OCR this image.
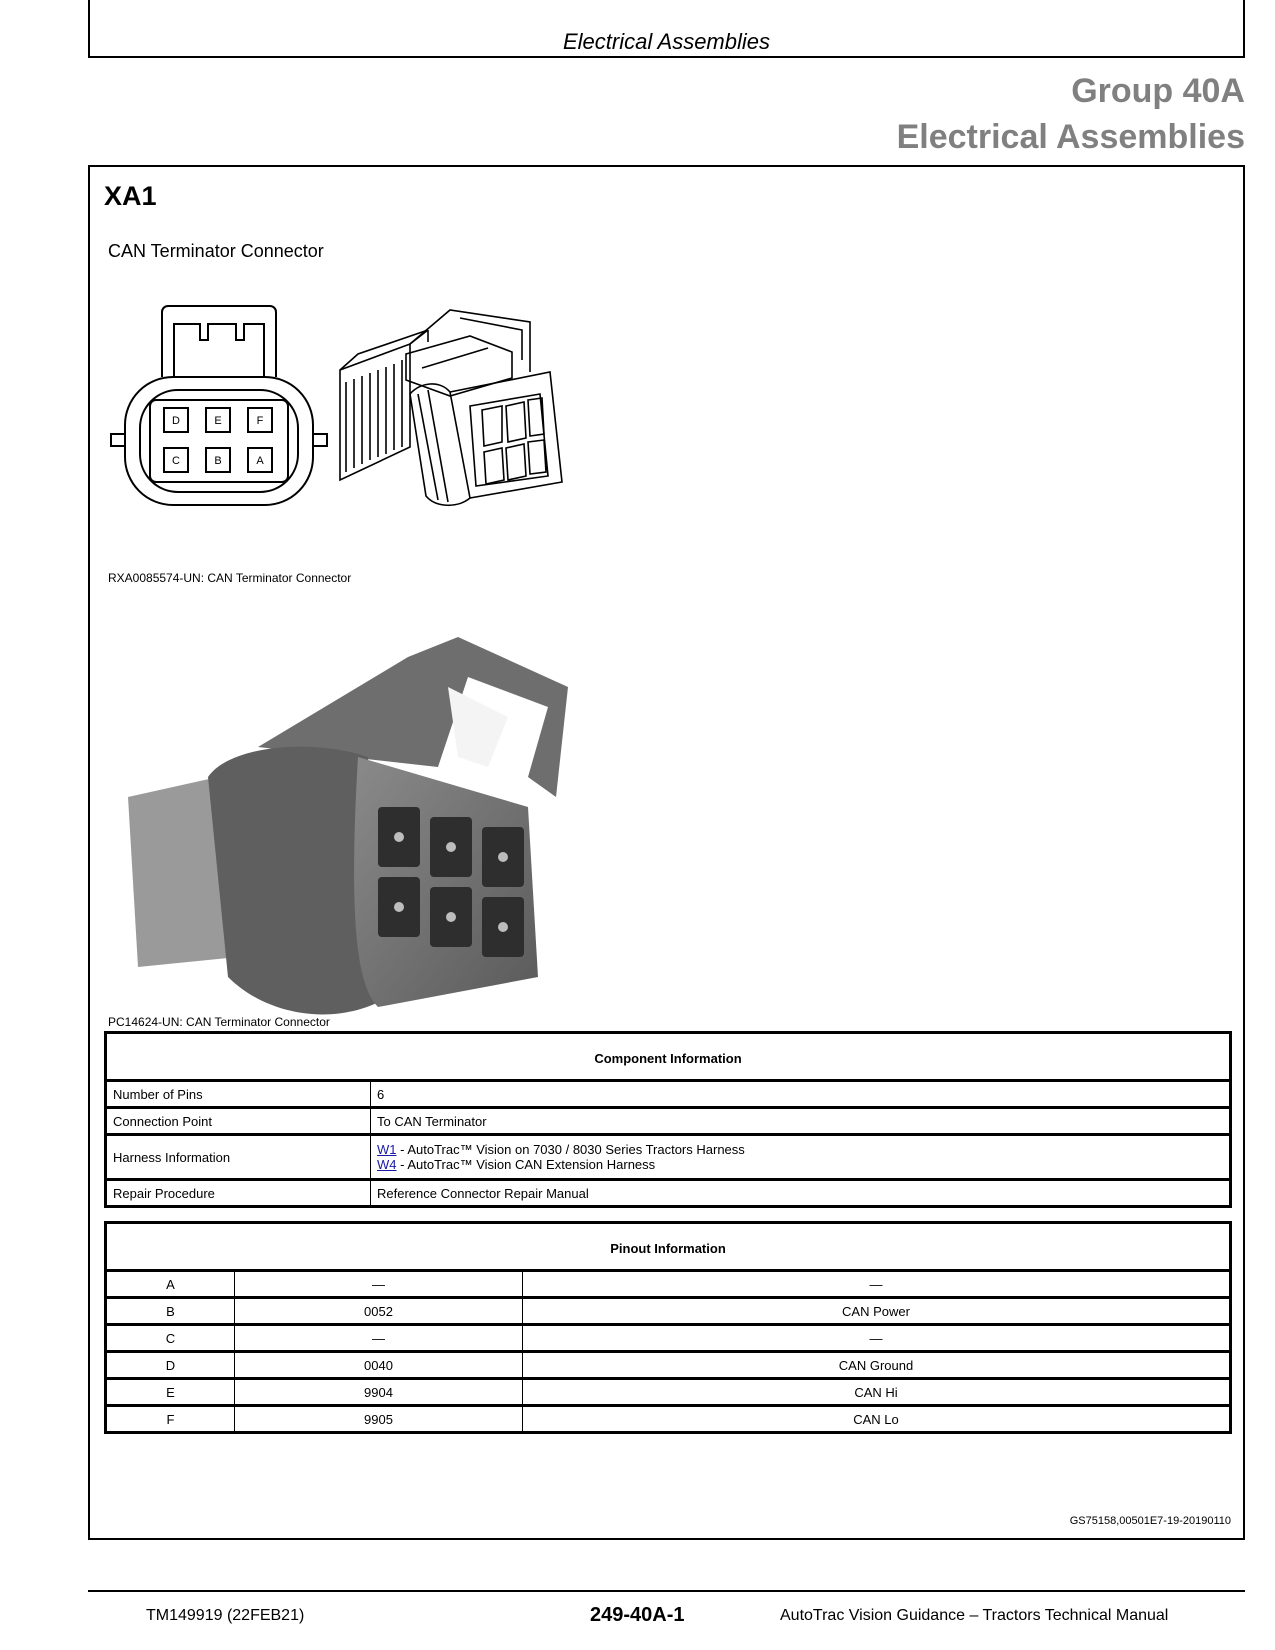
Electrical Assemblies
Group 40A
Electrical Assemblies
XA1
CAN Terminator Connector
D	E	F
C	B	A
RXA0085574-UN: CAN Terminator Connector
PC14624-UN: CAN Terminator Connector
Component Information	
Number of Pins	6
Connection Point	To CAN Terminator
Harness Information	W1 - AutoTrac™ Vision on 7030 / 8030 Series Tractors Harness
W4 - AutoTrac™ Vision CAN Extension Harness

Repair Procedure	Reference Connector Repair Manual
Pinout Information		
A	—	—
B	0052	CAN Power
C	—	—
D	0040	CAN Ground
E	9904	CAN Hi
F	9905	CAN Lo
GS75158,00501E7-19-20190110
TM149919 (22FEB21)	249-40A-1	AutoTrac Vision Guidance – Tractors Technical Manual
